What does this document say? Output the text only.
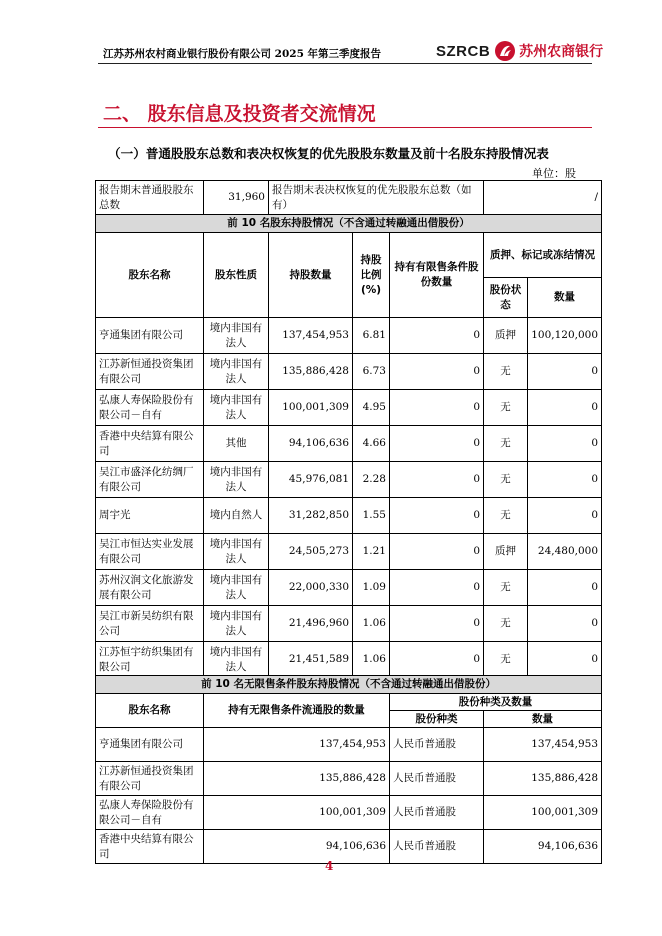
江苏苏州农村商业银行股份有限公司 2025 年第三季度报告	SZRCB 苏州农商银行
二、 股东信息及投资者交流情况
（一）普通股股东总数和表决权恢复的优先股股东数量及前十名股东持股情况表
单位：股
报告期末普通股股东总数	31,960	报告期末表决权恢复的优先股股东总数（如有）			/	
前 10 名股东持股情况（不含通过转融通出借股份）						
股东名称	股东性质	持股数量	持股比例(%)	持有有限售条件股份数量	质押、标记或冻结情况	
					股份状态	数量
亨通集团有限公司	境内非国有法人	137,454,953	6.81	0	质押	100,120,000
江苏新恒通投资集团有限公司	境内非国有法人	135,886,428	6.73	0	无	0
弘康人寿保险股份有限公司－自有	境内非国有法人	100,001,309	4.95	0	无	0
香港中央结算有限公司	其他	94,106,636	4.66	0	无	0
吴江市盛泽化纺绸厂有限公司	境内非国有法人	45,976,081	2.28	0	无	0
周宇光	境内自然人	31,282,850	1.55	0	无	0
吴江市恒达实业发展有限公司	境内非国有法人	24,505,273	1.21	0	质押	24,480,000
苏州汉润文化旅游发展有限公司	境内非国有法人	22,000,330	1.09	0	无	0
吴江市新吴纺织有限公司	境内非国有法人	21,496,960	1.06	0	无	0
江苏恒宇纺织集团有限公司	境内非国有法人	21,451,589	1.06	0	无	0
前 10 名无限售条件股东持股情况（不含通过转融通出借股份）			
股东名称	持有无限售条件流通股的数量	股份种类及数量	
		股份种类	数量
亨通集团有限公司	137,454,953	人民币普通股	137,454,953
江苏新恒通投资集团有限公司	135,886,428	人民币普通股	135,886,428
弘康人寿保险股份有限公司－自有	100,001,309	人民币普通股	100,001,309
香港中央结算有限公司	94,106,636	人民币普通股	94,106,636
4
